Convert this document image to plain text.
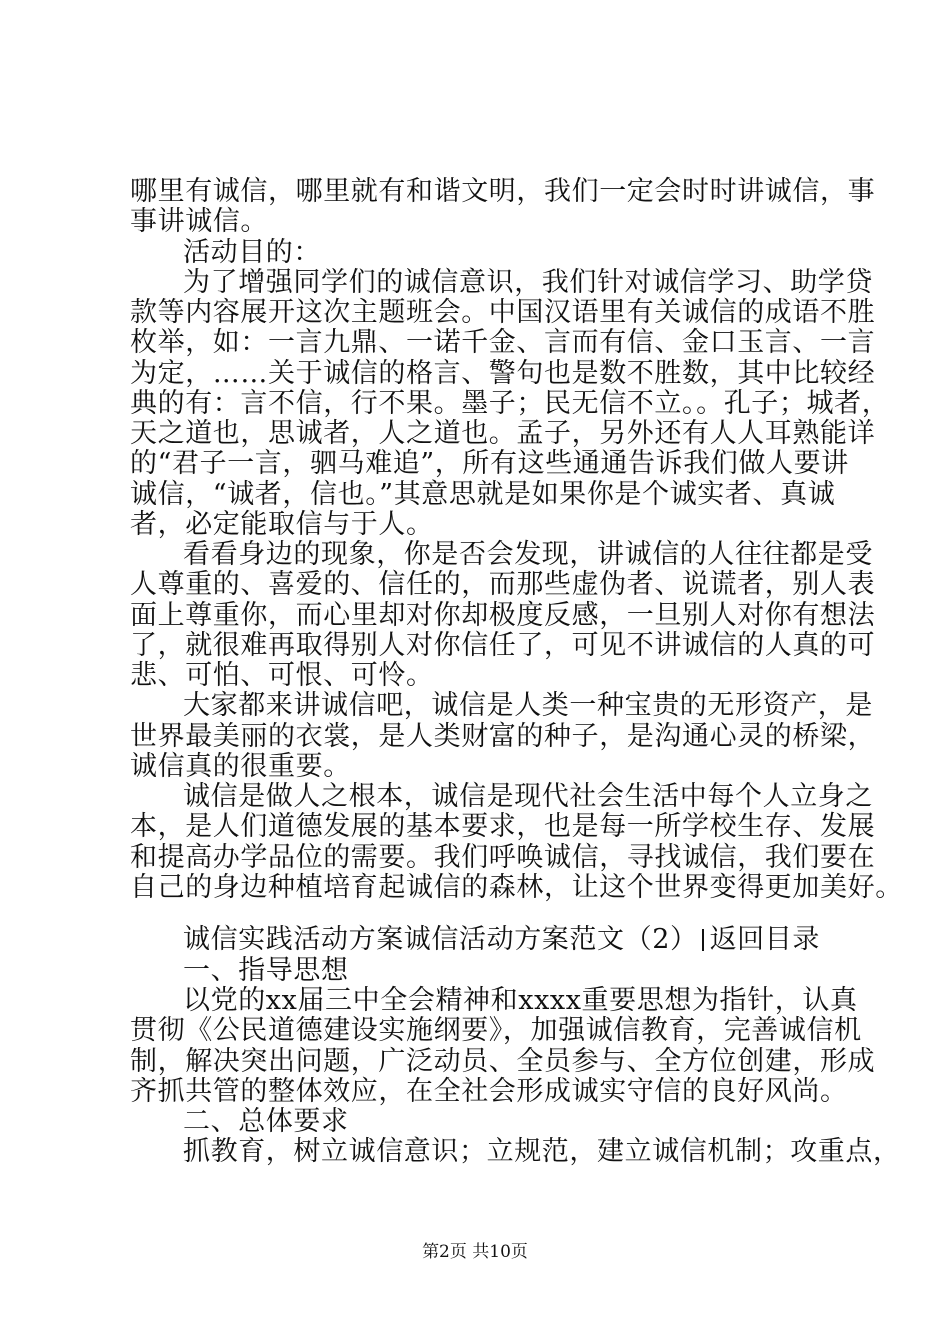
哪里有诚信，哪里就有和谐文明，我们一定会时时讲诚信，事

事讲诚信。

活动目的：

为了增强同学们的诚信意识，我们针对诚信学习、助学贷

款等内容展开这次主题班会。中国汉语里有关诚信的成语不胜

枚举，如：一言九鼎、一诺千金、言而有信、金口玉言、一言

为定，……关于诚信的格言、警句也是数不胜数，其中比较经

典的有：言不信，行不果。墨子；民无信不立。。孔子；城者，

天之道也，思诚者，人之道也。孟子，另外还有人人耳熟能详

的“君子一言，驷马难追”，所有这些通通告诉我们做人要讲

诚信，“诚者，信也。”其意思就是如果你是个诚实者、真诚

者，必定能取信与于人。

看看身边的现象，你是否会发现，讲诚信的人往往都是受

人尊重的、喜爱的、信任的，而那些虚伪者、说谎者，别人表

面上尊重你，而心里却对你却极度反感，一旦别人对你有想法

了，就很难再取得别人对你信任了，可见不讲诚信的人真的可

悲、可怕、可恨、可怜。

大家都来讲诚信吧，诚信是人类一种宝贵的无形资产，是

世界最美丽的衣裳，是人类财富的种子，是沟通心灵的桥梁，

诚信真的很重要。

诚信是做人之根本，诚信是现代社会生活中每个人立身之

本，是人们道德发展的基本要求，也是每一所学校生存、发展

和提高办学品位的需要。我们呼唤诚信，寻找诚信，我们要在

自己的身边种植培育起诚信的森林，让这个世界变得更加美好。

诚信实践活动方案诚信活动方案范文（2） 返回目录

第2页 共10页

一、指导思想

以党的xx届三中全会精神和xxxx重要思想为指针，认真

贯彻《公民道德建设实施纲要》，加强诚信教育，完善诚信机

制，解决突出问题，广泛动员、全员参与、全方位创建，形成

齐抓共管的整体效应，在全社会形成诚实守信的良好风尚。

二、总体要求

抓教育，树立诚信意识；立规范，建立诚信机制；攻重点，
